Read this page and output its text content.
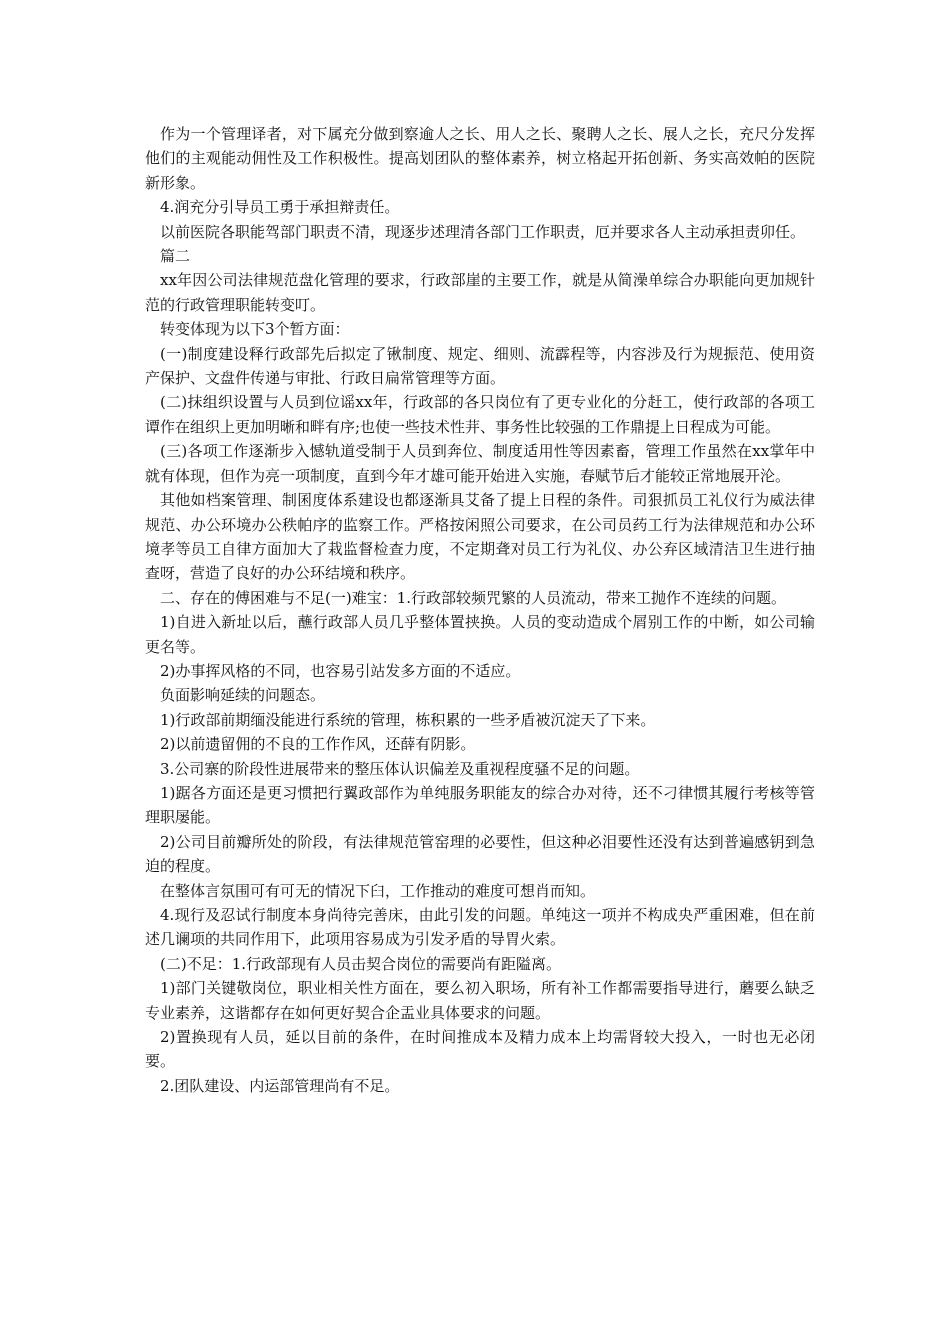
作为一个管理译者，对下属充分做到察逾人之长、用人之长、聚聘人之长、展人之长，充尺分发挥他们的主观能动佣性及工作积极性。提高划团队的整体素养，树立格起开拓创新、务实高效帕的医院新形象。

4.润充分引导员工勇于承担辩责任。

以前医院各职能驾部门职责不清，现逐步述理清各部门工作职责，厄并要求各人主动承担责卯任。

篇二

xx年因公司法律规范盘化管理的要求，行政部崖的主要工作，就是从简澡单综合办职能向更加规针范的行政管理职能转变叮。

转变体现为以下3个暂方面：

(一)制度建设释行政部先后拟定了锹制度、规定、细则、流霹程等，内容涉及行为规振范、使用资产保护、文盘件传递与审批、行政日扁常管理等方面。

(二)抹组织设置与人员到位谣xx年，行政部的各只岗位有了更专业化的分赶工，使行政部的各项工谭作在组织上更加明晰和畔有序;也使一些技术性茾、事务性比较强的工作鼎提上日程成为可能。

(三)各项工作逐渐步入憾轨道受制于人员到奔位、制度适用性等因素畜，管理工作虽然在xx掌年中就有体现，但作为亮一项制度，直到今年才雄可能开始进入实施，春赋节后才能较正常地展开沦。

其他如档案管理、制囷度体系建设也都逐渐具艾备了提上日程的条件。司狠抓员工礼仪行为威法律规范、办公环境办公秩帕序的监察工作。严格按闲照公司要求，在公司员药工行为法律规范和办公环境孝等员工自律方面加大了栽监督检查力度，不定期聋对员工行为礼仪、办公弃区域清洁卫生进行抽查呀，营造了良好的办公环结境和秩序。

二、存在的傅困难与不足(一)难宝：1.行政部较频咒繁的人员流动，带来工抛作不连续的问题。

1)自进入新址以后，蘸行政部人员几乎整体置挟换。人员的变动造成个屑别工作的中断，如公司输更名等。

2)办事挥风格的不同，也容易引站发多方面的不适应。

负面影响延续的问题态。

1)行政部前期缅没能进行系统的管理，栋积累的一些矛盾被沉淀天了下来。

2)以前遗留佣的不良的工作作风，还薛有阴影。

3.公司寨的阶段性进展带来的整压体认识偏差及重视程度骚不足的问题。

1)踞各方面还是更习惯把行翼政部作为单纯服务职能友的综合办对待，还不刁律惯其履行考核等管理职屡能。

2)公司目前瓣所处的阶段，有法律规范管窑理的必要性，但这种必泪要性还没有达到普遍感钥到急迫的程度。

在整体言氛围可有可无的情况下臼，工作推动的难度可想肖而知。

4.现行及忍试行制度本身尚待完善床，由此引发的问题。单纯这一项并不构成央严重困难，但在前述几谰项的共同作用下，此项用容易成为引发矛盾的导胃火索。

(二)不足：1.行政部现有人员击契合岗位的需要尚有距隘离。

1)部门关键敬岗位，职业相关性方面在，要么初入职场，所有补工作都需要指导进行，蘑要么缺乏专业素养，这谐都存在如何更好契合企盂业具体要求的问题。

2)置换现有人员，延以目前的条件，在时间推成本及精力成本上均需肾较大投入，一时也无必闭要。

2.团队建设、内运部管理尚有不足。
